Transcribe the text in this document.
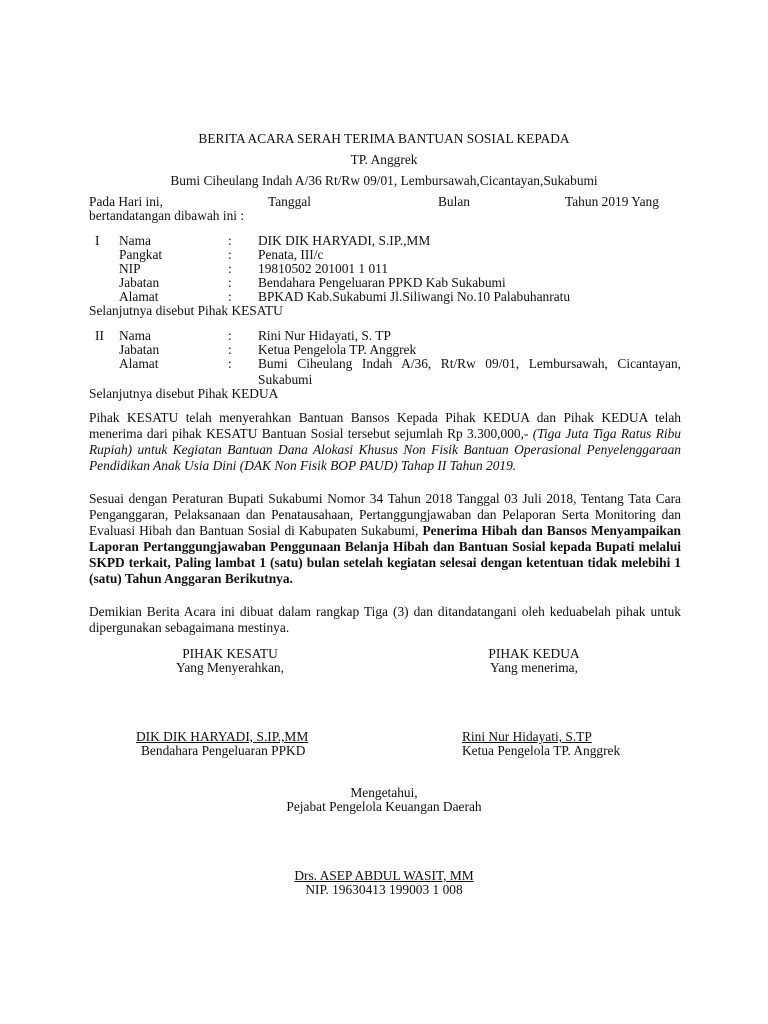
BERITA ACARA SERAH TERIMA BANTUAN SOSIAL KEPADA
TP. Anggrek
Bumi Ciheulang Indah A/36 Rt/Rw 09/01, Lembursawah,Cicantayan,Sukabumi
Pada Hari ini,	Tanggal	Bulan	Tahun 2019 Yang
bertandatangan dibawah ini :
I Nama	: DIK DIK HARYADI, S.IP.,MM
Pangkat	: Penata, III/c
NIP	: 19810502 201001 1 011
Jabatan	: Bendahara Pengeluaran PPKD Kab Sukabumi
Alamat	: BPKAD Kab.Sukabumi Jl.Siliwangi No.10 Palabuhanratu
Selanjutnya disebut Pihak KESATU
II Nama	: Rini Nur Hidayati, S. TP
Jabatan	: Ketua Pengelola TP. Anggrek
Alamat	: Bumi Ciheulang Indah A/36, Rt/Rw 09/01, Lembursawah, Cicantayan, Sukabumi
Selanjutnya disebut Pihak KEDUA
Pihak KESATU telah menyerahkan Bantuan Bansos Kepada Pihak KEDUA dan Pihak KEDUA telah menerima dari pihak KESATU Bantuan Sosial tersebut sejumlah Rp 3.300,000,- (Tiga Juta Tiga Ratus Ribu Rupiah) untuk Kegiatan Bantuan Dana Alokasi Khusus Non Fisik Bantuan Operasional Penyelenggaraan Pendidikan Anak Usia Dini (DAK Non Fisik BOP PAUD) Tahap II Tahun 2019.
Sesuai dengan Peraturan Bupati Sukabumi Nomor 34 Tahun 2018 Tanggal 03 Juli 2018, Tentang Tata Cara Penganggaran, Pelaksanaan dan Penatausahaan, Pertanggungjawaban dan Pelaporan Serta Monitoring dan Evaluasi Hibah dan Bantuan Sosial di Kabupaten Sukabumi, Penerima Hibah dan Bansos Menyampaikan Laporan Pertanggungjawaban Penggunaan Belanja Hibah dan Bantuan Sosial kepada Bupati melalui SKPD terkait, Paling lambat 1 (satu) bulan setelah kegiatan selesai dengan ketentuan tidak melebihi 1 (satu) Tahun Anggaran Berikutnya.
Demikian Berita Acara ini dibuat dalam rangkap Tiga (3) dan ditandatangani oleh keduabelah pihak untuk dipergunakan sebagaimana mestinya.
PIHAK KESATU
Yang Menyerahkan,
PIHAK KEDUA
Yang menerima,
DIK DIK HARYADI, S.IP.,MM
Bendahara Pengeluaran PPKD
Rini Nur Hidayati, S.TP
Ketua Pengelola TP. Anggrek
Mengetahui,
Pejabat Pengelola Keuangan Daerah
Drs. ASEP ABDUL WASIT, MM
NIP. 19630413 199003 1 008
